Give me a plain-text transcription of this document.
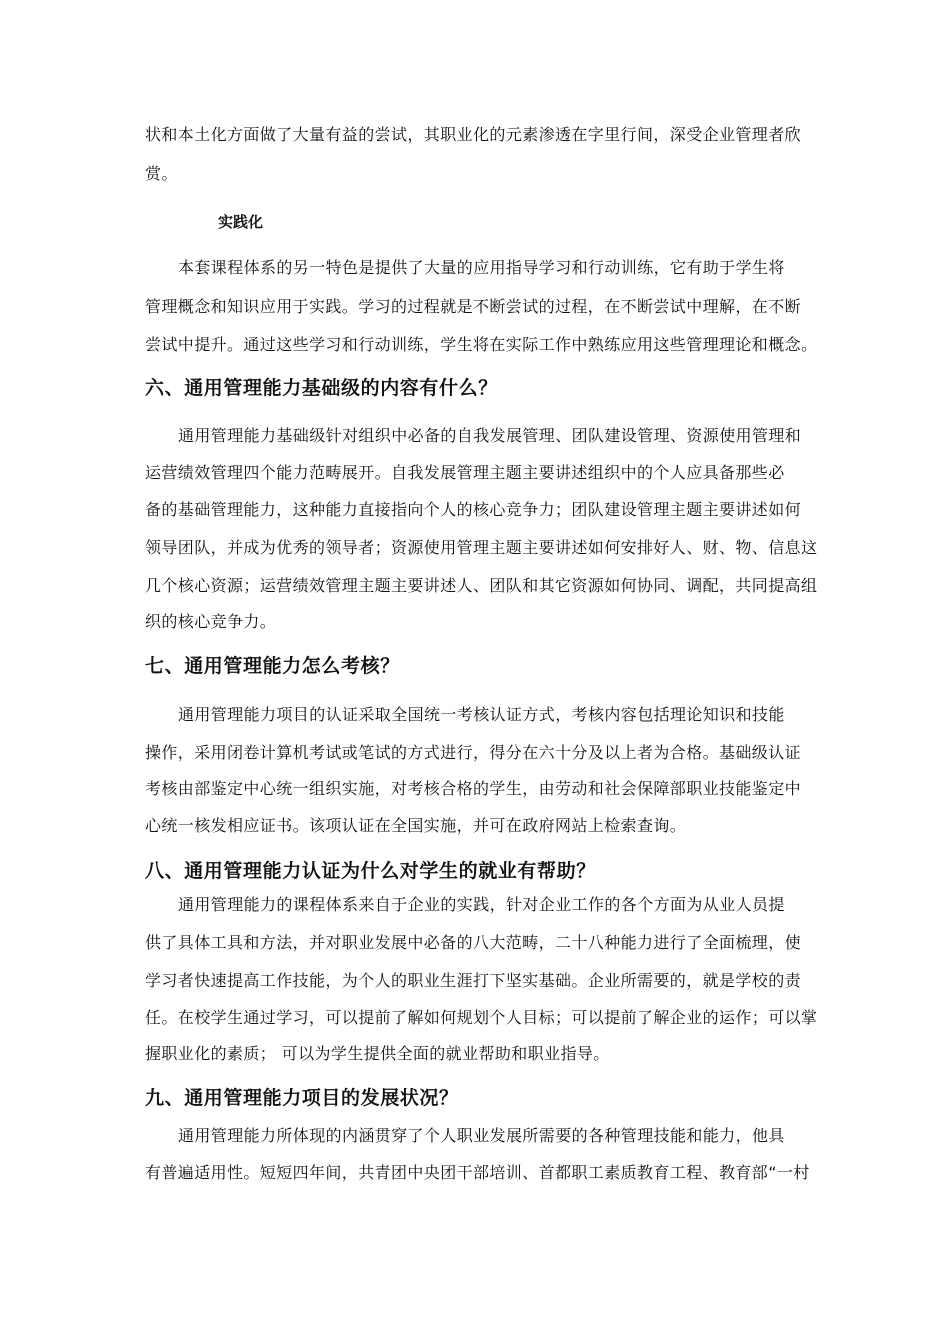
状和本土化方面做了大量有益的尝试，其职业化的元素渗透在字里行间，深受企业管理者欣
赏。
实践化
本套课程体系的另一特色是提供了大量的应用指导学习和行动训练，它有助于学生将
管理概念和知识应用于实践。学习的过程就是不断尝试的过程，在不断尝试中理解，在不断
尝试中提升。通过这些学习和行动训练，学生将在实际工作中熟练应用这些管理理论和概念。
六、通用管理能力基础级的内容有什么？
通用管理能力基础级针对组织中必备的自我发展管理、团队建设管理、资源使用管理和
运营绩效管理四个能力范畴展开。自我发展管理主题主要讲述组织中的个人应具备那些必
备的基础管理能力，这种能力直接指向个人的核心竞争力；团队建设管理主题主要讲述如何
领导团队，并成为优秀的领导者；资源使用管理主题主要讲述如何安排好人、财、物、信息这
几个核心资源；运营绩效管理主题主要讲述人、团队和其它资源如何协同、调配，共同提高组
织的核心竞争力。
七、通用管理能力怎么考核？
通用管理能力项目的认证采取全国统一考核认证方式，考核内容包括理论知识和技能
操作，采用闭卷计算机考试或笔试的方式进行，得分在六十分及以上者为合格。基础级认证
考核由部鉴定中心统一组织实施，对考核合格的学生，由劳动和社会保障部职业技能鉴定中
心统一核发相应证书。该项认证在全国实施，并可在政府网站上检索查询。
八、通用管理能力认证为什么对学生的就业有帮助？
通用管理能力的课程体系来自于企业的实践，针对企业工作的各个方面为从业人员提
供了具体工具和方法，并对职业发展中必备的八大范畴，二十八种能力进行了全面梳理，使
学习者快速提高工作技能，为个人的职业生涯打下坚实基础。企业所需要的，就是学校的责
任。在校学生通过学习，可以提前了解如何规划个人目标；可以提前了解企业的运作；可以掌
握职业化的素质； 可以为学生提供全面的就业帮助和职业指导。
九、通用管理能力项目的发展状况？
通用管理能力所体现的内涵贯穿了个人职业发展所需要的各种管理技能和能力，他具
有普遍适用性。短短四年间，共青团中央团干部培训、首都职工素质教育工程、教育部“一村
